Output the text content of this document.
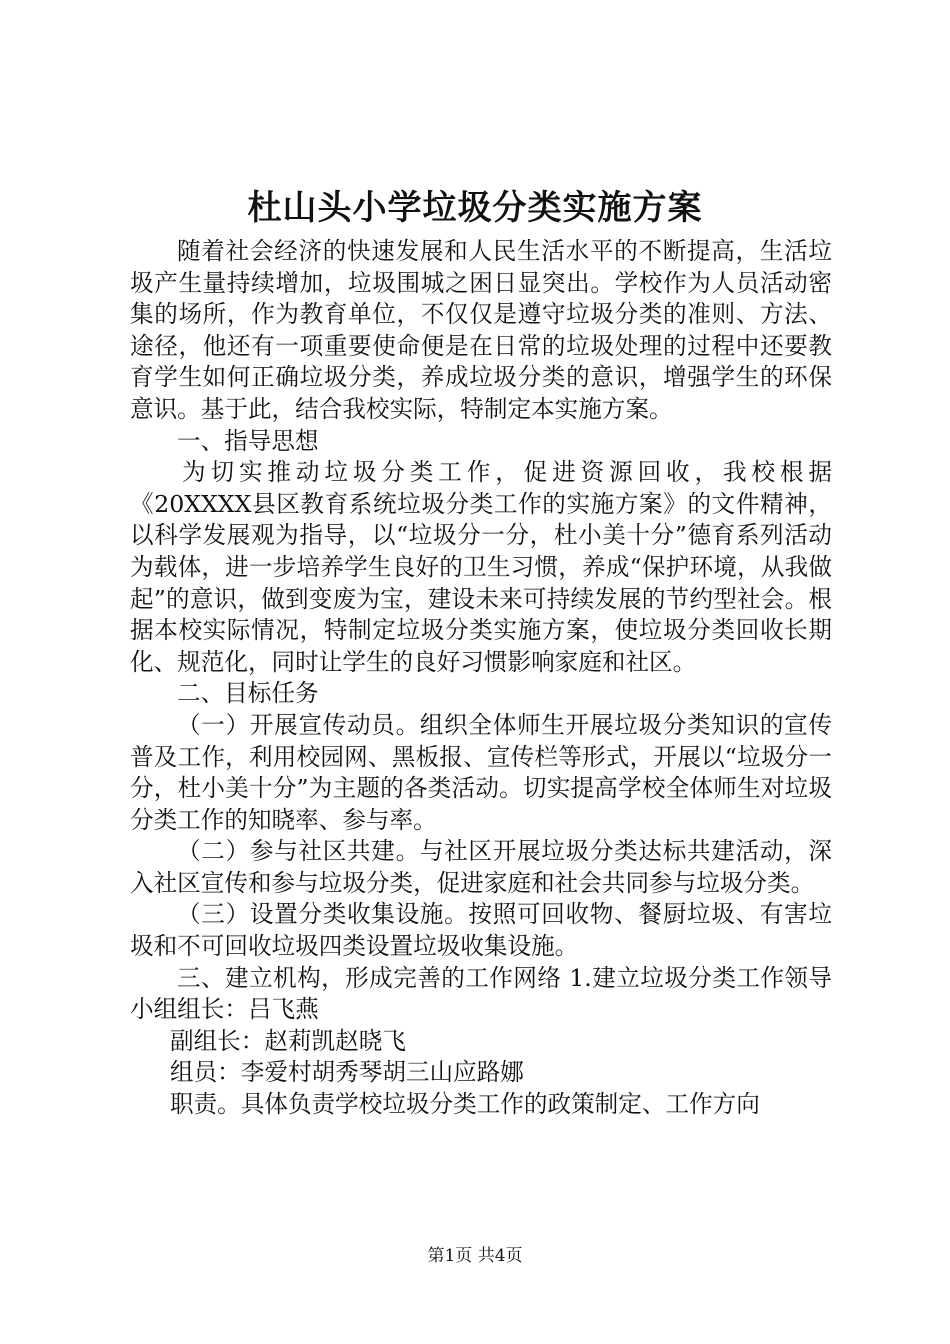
杜山头小学垃圾分类实施方案

随着社会经济的快速发展和人民生活水平的不断提高，生活垃圾产生量持续增加，垃圾围城之困日显突出。学校作为人员活动密集的场所，作为教育单位，不仅仅是遵守垃圾分类的准则、方法、途径，他还有一项重要使命便是在日常的垃圾处理的过程中还要教育学生如何正确垃圾分类，养成垃圾分类的意识，增强学生的环保意识。基于此，结合我校实际，特制定本实施方案。

一、指导思想

为切实推动垃圾分类工作，促进资源回收，我校根据《20XXXX县区教育系统垃圾分类工作的实施方案》的文件精神，以科学发展观为指导，以“垃圾分一分，杜小美十分”德育系列活动为载体，进一步培养学生良好的卫生习惯，养成“保护环境，从我做起”的意识，做到变废为宝，建设未来可持续发展的节约型社会。根据本校实际情况，特制定垃圾分类实施方案，使垃圾分类回收长期化、规范化，同时让学生的良好习惯影响家庭和社区。

二、目标任务

（一）开展宣传动员。组织全体师生开展垃圾分类知识的宣传普及工作，利用校园网、黑板报、宣传栏等形式，开展以“垃圾分一分，杜小美十分”为主题的各类活动。切实提高学校全体师生对垃圾分类工作的知晓率、参与率。

（二）参与社区共建。与社区开展垃圾分类达标共建活动，深入社区宣传和参与垃圾分类，促进家庭和社会共同参与垃圾分类。

（三）设置分类收集设施。按照可回收物、餐厨垃圾、有害垃圾和不可回收垃圾四类设置垃圾收集设施。

三、建立机构，形成完善的工作网络 1.建立垃圾分类工作领导小组组长：吕飞燕

副组长：赵莉凯赵晓飞

组员：李爱村胡秀琴胡三山应路娜

职责。具体负责学校垃圾分类工作的政策制定、工作方向

第1页 共4页
